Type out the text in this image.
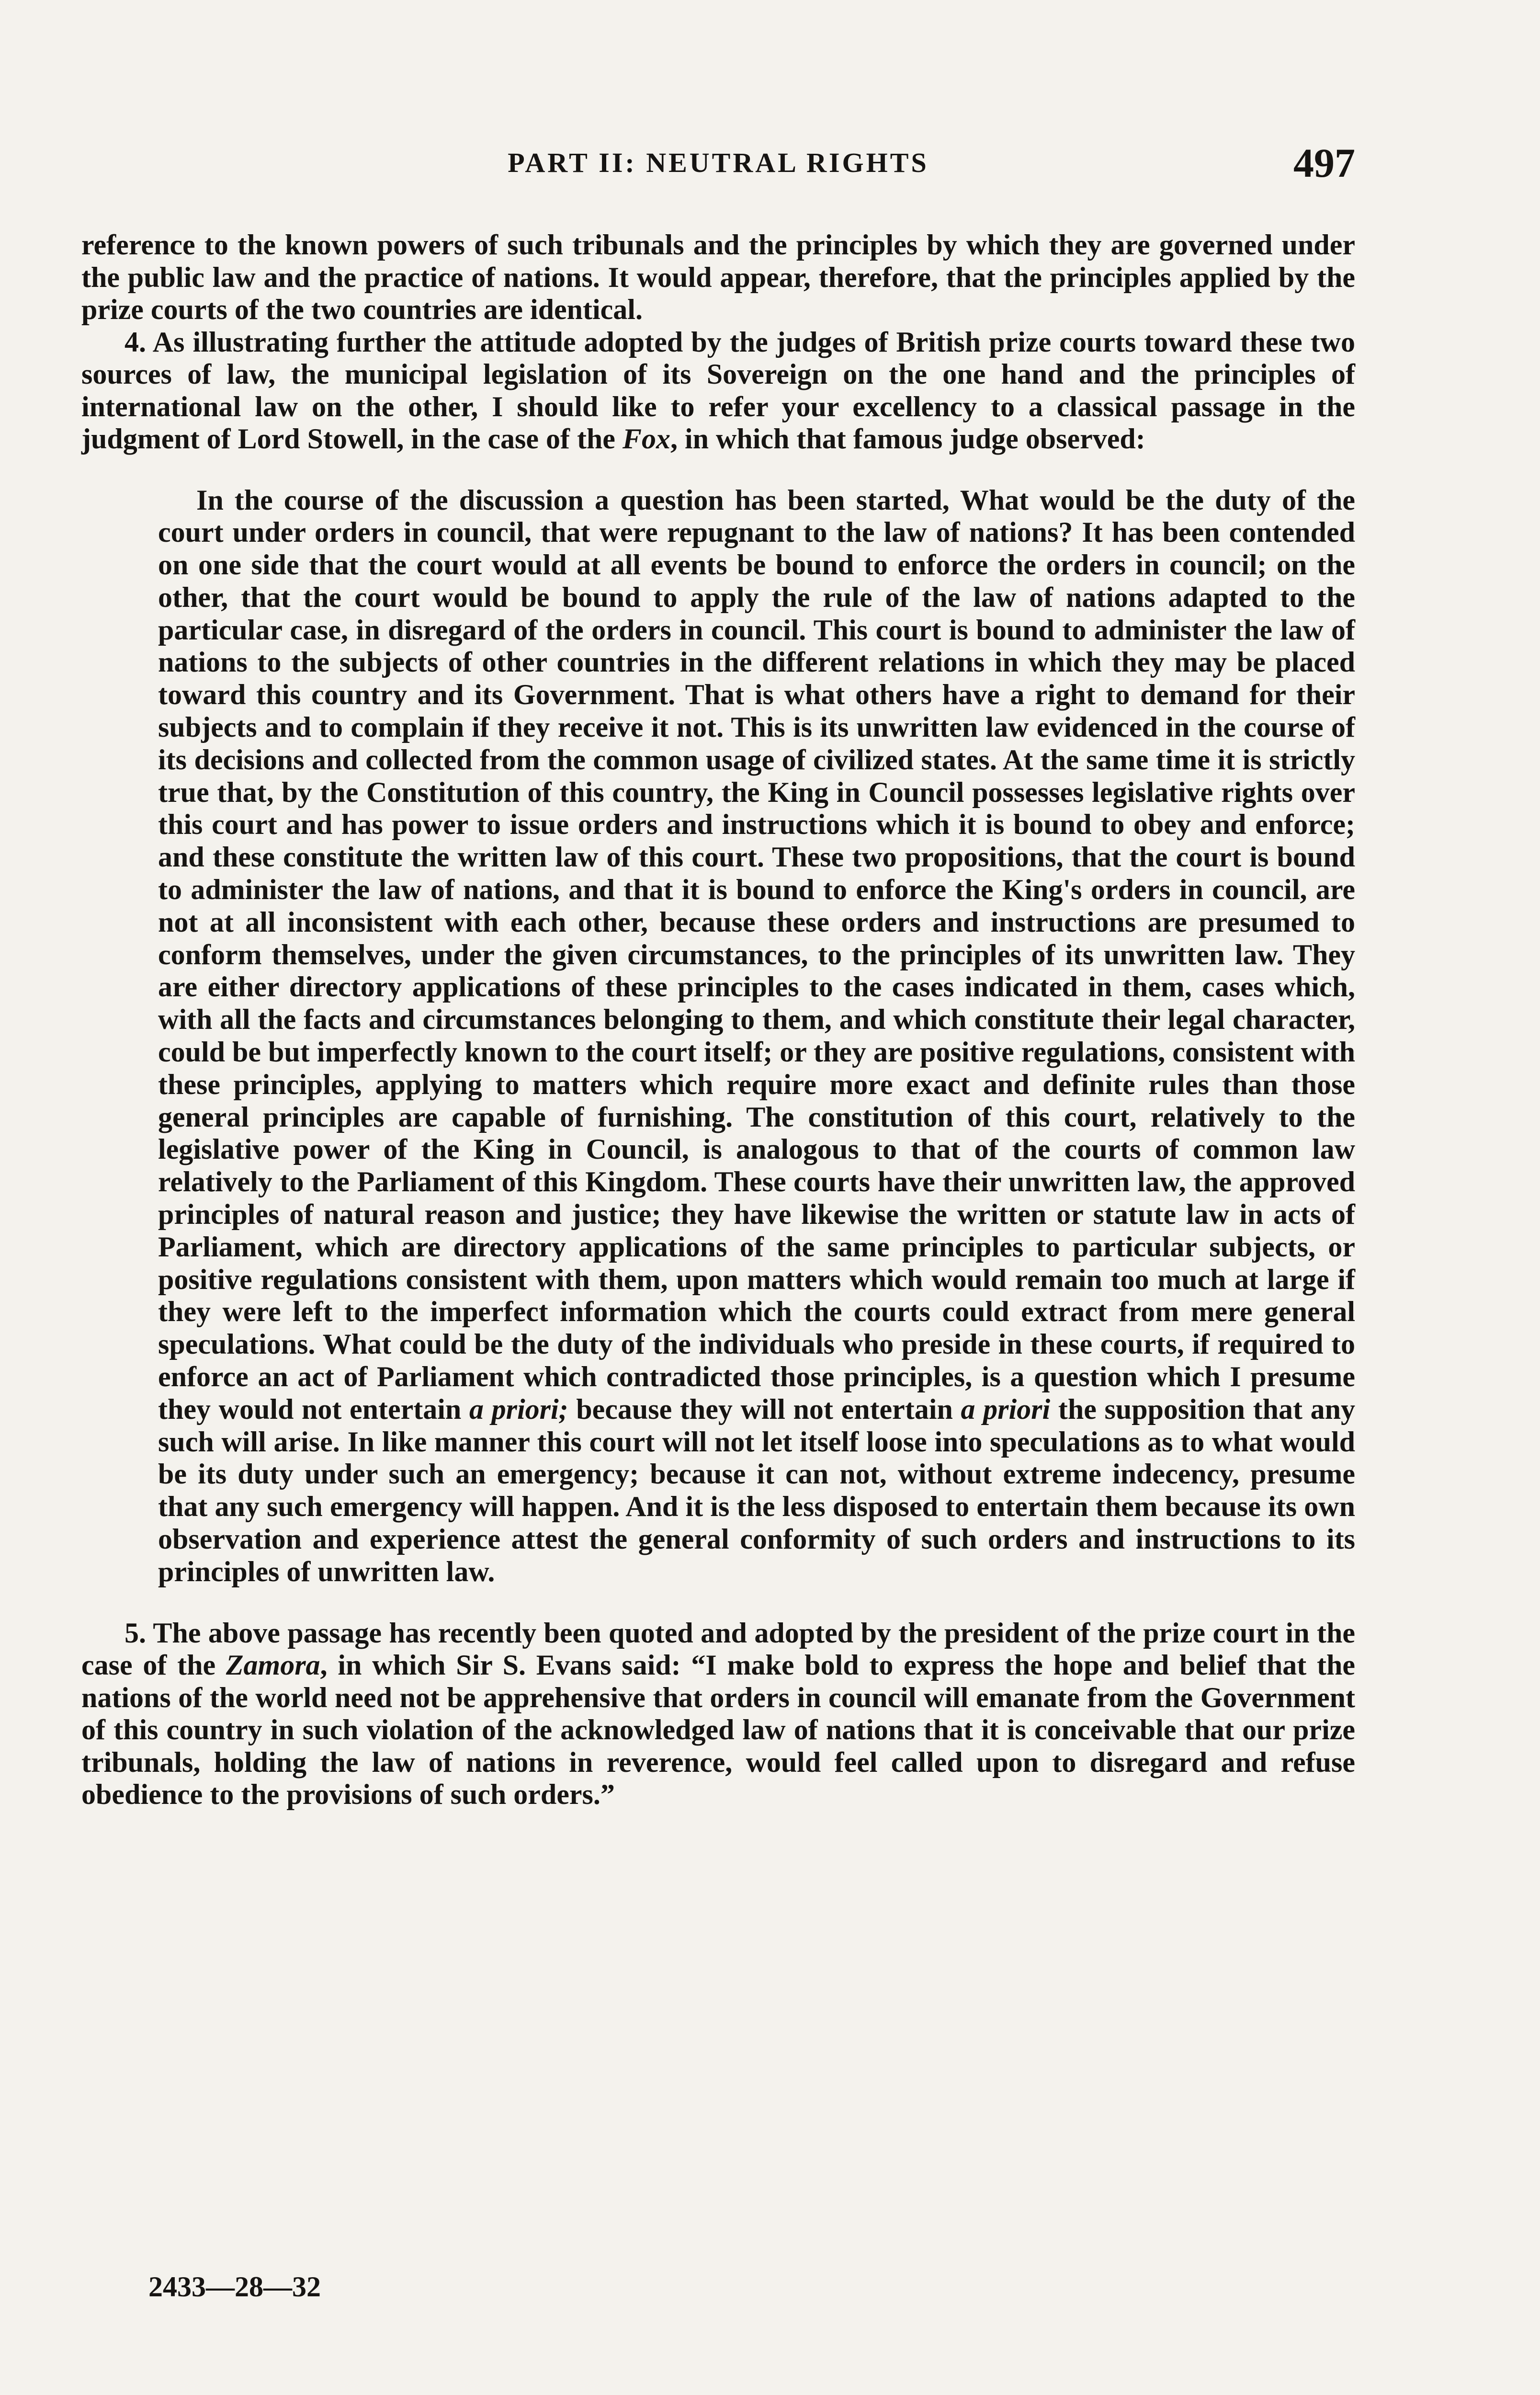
PART II: NEUTRAL RIGHTS	497

reference to the known powers of such tribunals and the principles by which they are governed under the public law and the practice of nations. It would appear, therefore, that the principles applied by the prize courts of the two countries are identical.

4. As illustrating further the attitude adopted by the judges of British prize courts toward these two sources of law, the municipal legislation of its Sovereign on the one hand and the principles of international law on the other, I should like to refer your excellency to a classical passage in the judgment of Lord Stowell, in the case of the Fox, in which that famous judge observed:

In the course of the discussion a question has been started, What would be the duty of the court under orders in council, that were repugnant to the law of nations? It has been contended on one side that the court would at all events be bound to enforce the orders in council; on the other, that the court would be bound to apply the rule of the law of nations adapted to the particular case, in disregard of the orders in council. This court is bound to administer the law of nations to the subjects of other countries in the different relations in which they may be placed toward this country and its Government. That is what others have a right to demand for their subjects and to complain if they receive it not. This is its unwritten law evidenced in the course of its decisions and collected from the common usage of civilized states. At the same time it is strictly true that, by the Constitution of this country, the King in Council possesses legislative rights over this court and has power to issue orders and instructions which it is bound to obey and enforce; and these constitute the written law of this court. These two propositions, that the court is bound to administer the law of nations, and that it is bound to enforce the King's orders in council, are not at all inconsistent with each other, because these orders and instructions are presumed to conform themselves, under the given circumstances, to the principles of its unwritten law. They are either directory applications of these principles to the cases indicated in them, cases which, with all the facts and circumstances belonging to them, and which constitute their legal character, could be but imperfectly known to the court itself; or they are positive regulations, consistent with these principles, applying to matters which require more exact and definite rules than those general principles are capable of furnishing. The constitution of this court, relatively to the legislative power of the King in Council, is analogous to that of the courts of common law relatively to the Parliament of this Kingdom. These courts have their unwritten law, the approved principles of natural reason and justice; they have likewise the written or statute law in acts of Parliament, which are directory applications of the same principles to particular subjects, or positive regulations consistent with them, upon matters which would remain too much at large if they were left to the imperfect information which the courts could extract from mere general speculations. What could be the duty of the individuals who preside in these courts, if required to enforce an act of Parliament which contradicted those principles, is a question which I presume they would not entertain a priori; because they will not entertain a priori the supposition that any such will arise. In like manner this court will not let itself loose into speculations as to what would be its duty under such an emergency; because it can not, without extreme indecency, presume that any such emergency will happen. And it is the less disposed to entertain them because its own observation and experience attest the general conformity of such orders and instructions to its principles of unwritten law.

5. The above passage has recently been quoted and adopted by the president of the prize court in the case of the Zamora, in which Sir S. Evans said: “I make bold to express the hope and belief that the nations of the world need not be apprehensive that orders in council will emanate from the Government of this country in such violation of the acknowledged law of nations that it is conceivable that our prize tribunals, holding the law of nations in reverence, would feel called upon to disregard and refuse obedience to the provisions of such orders.”

2433—28—32
